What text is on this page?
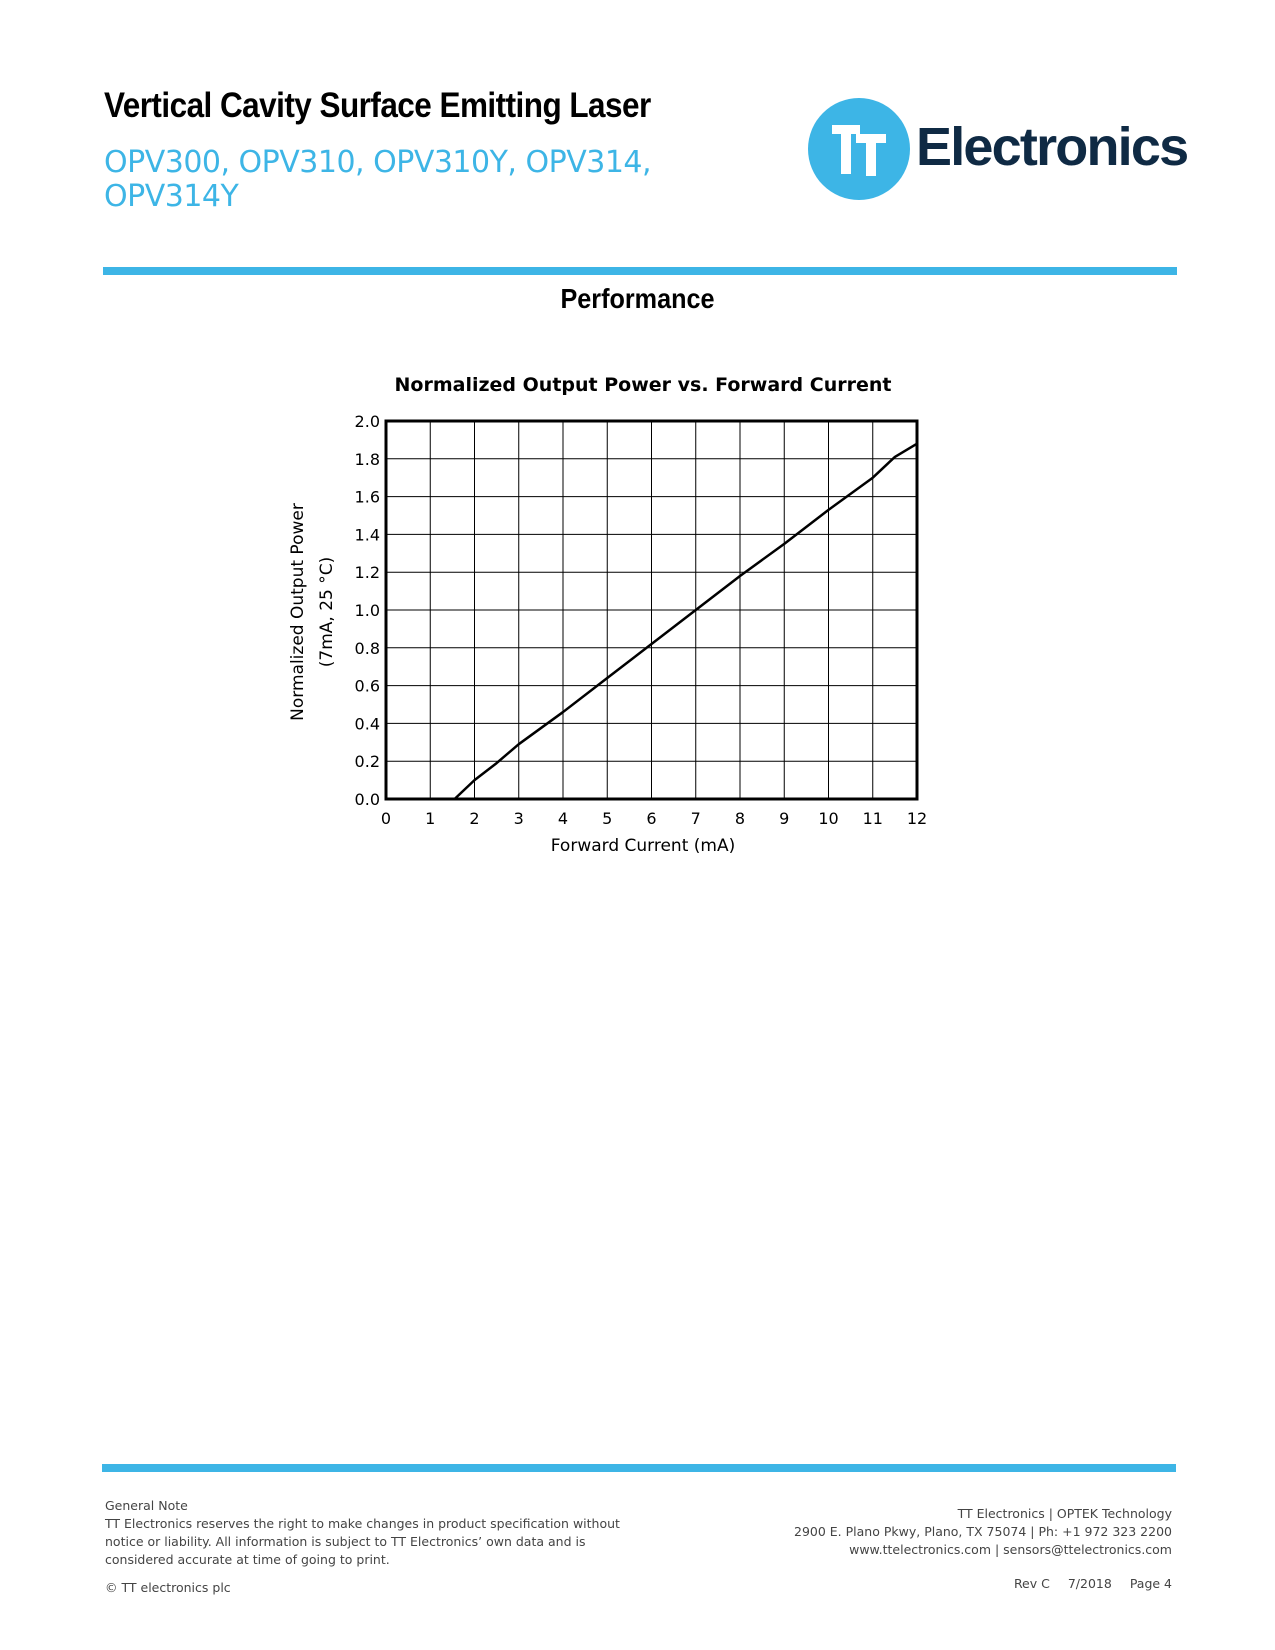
Vertical Cavity Surface Emitting Laser
OPV300, OPV310, OPV310Y, OPV314, OPV314Y
Electronics
Performance
Normalized Output Power vs. Forward Current
0 1 2 3 4 5 6 7 8 9 10 11 12
0.0
0.2
0.4
0.6
0.8
1.0
1.2
1.4
1.6
1.8
2.0
Forward Current (mA)
Normalized Output Power (7mA, 25 °C)
General Note
TT Electronics reserves the right to make changes in product specification without
notice or liability. All information is subject to TT Electronics’ own data and is
considered accurate at time of going to print.
© TT electronics plc
TT Electronics | OPTEK Technology
2900 E. Plano Pkwy, Plano, TX 75074 | Ph: +1 972 323 2200
www.ttelectronics.com | sensors@ttelectronics.com
Rev C 7/2018 Page 4
